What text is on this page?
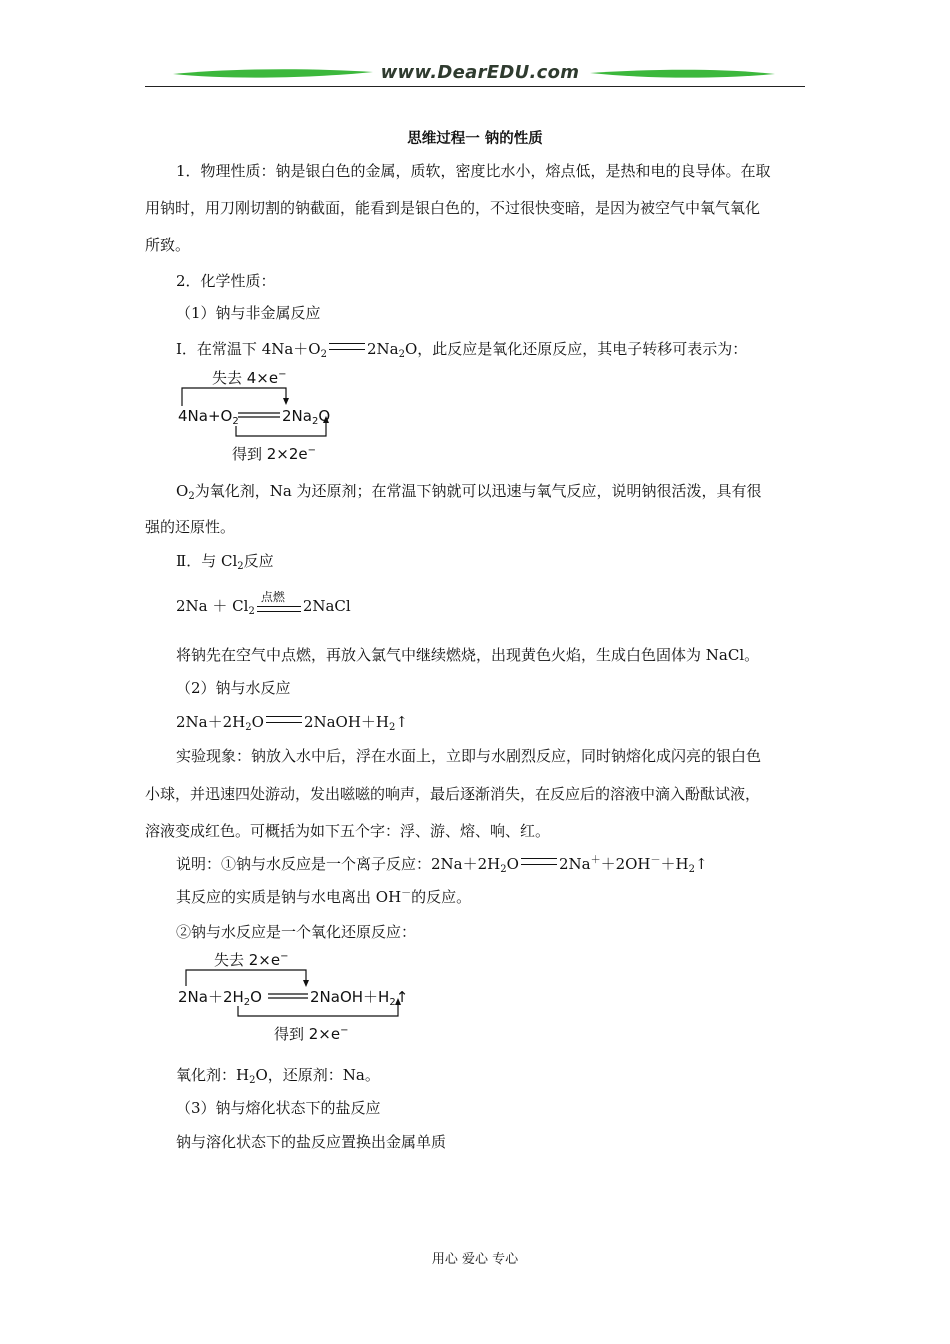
www.DearEDU.com
思维过程一 钠的性质
1．物理性质：钠是银白色的金属，质软，密度比水小，熔点低，是热和电的良导体。在取
用钠时，用刀刚切割的钠截面，能看到是银白色的，不过很快变暗，是因为被空气中氧气氧化
所致。
2．化学性质：
（1）钠与非金属反应
I．在常温下 $4Na+O_2$	$2Na_2O$，此反应是氧化还原反应，其电子转移可表示为：
失去 4×e−
$4Na+O_2$	$2Na_2O$
得到 2×2e−
$O_2$为氧化剂，Na 为还原剂；在常温下钠就可以迅速与氧气反应，说明钠很活泼，具有很
强的还原性。
Ⅱ．与 $Cl_2$反应
$2Na + Cl_2$
点燃 2NaCl
将钠先在空气中点燃，再放入氯气中继续燃烧，出现黄色火焰，生成白色固体为 NaCl。
（2）钠与水反应
$2Na+2H_2O$	$2NaOH+H_2↑$
实验现象：钠放入水中后，浮在水面上，立即与水剧烈反应，同时钠熔化成闪亮的银白色
小球，并迅速四处游动，发出嗞嗞的响声，最后逐渐消失，在反应后的溶液中滴入酚酞试液，
溶液变成红色。可概括为如下五个字：浮、游、熔、响、红。
说明：①钠与水反应是一个离子反应：$2Na+2H_2O$	$2Na^++2OH^-+H_2↑$
其反应的实质是钠与水电离出 OH－的反应。
②钠与水反应是一个氧化还原反应：
失去 2×e−
$2Na+2H_2O$	$2NaOH+H_2↑$
得到 2×e−
氧化剂：$H_2O$，还原剂：Na。
（3）钠与熔化状态下的盐反应
钠与溶化状态下的盐反应置换出金属单质
用心 爱心 专心
